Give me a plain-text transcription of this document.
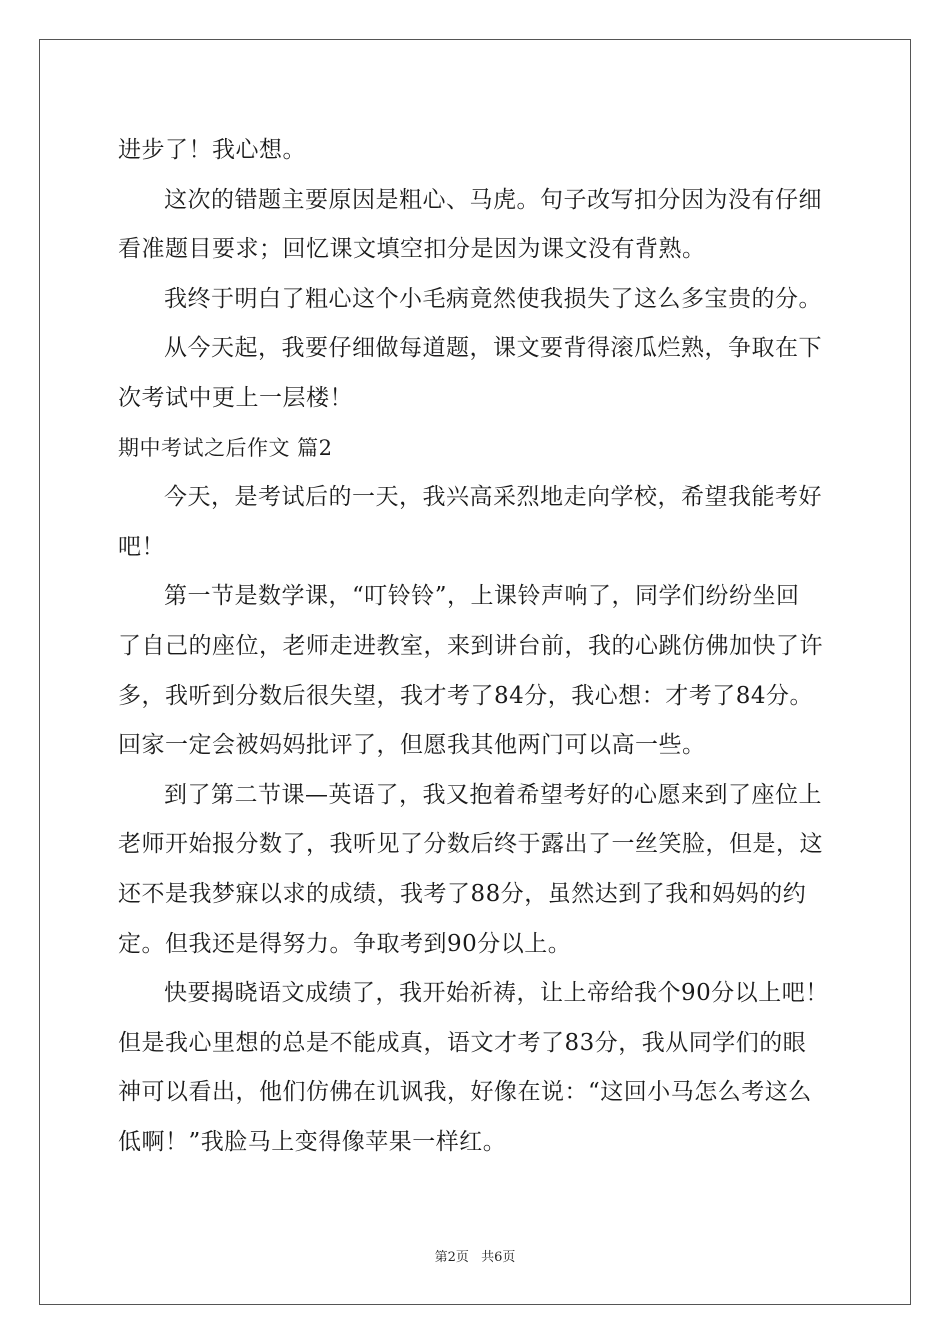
进步了！我心想。
这次的错题主要原因是粗心、马虎。句子改写扣分因为没有仔细
看准题目要求；回忆课文填空扣分是因为课文没有背熟。
我终于明白了粗心这个小毛病竟然使我损失了这么多宝贵的分。
从今天起，我要仔细做每道题，课文要背得滚瓜烂熟，争取在下
次考试中更上一层楼！
期中考试之后作文 篇2
今天，是考试后的一天，我兴高采烈地走向学校，希望我能考好
吧！
第一节是数学课，“叮铃铃”，上课铃声响了，同学们纷纷坐回
了自己的座位，老师走进教室，来到讲台前，我的心跳仿佛加快了许
多，我听到分数后很失望，我才考了84分，我心想：才考了84分。
回家一定会被妈妈批评了，但愿我其他两门可以高一些。
到了第二节课—英语了，我又抱着希望考好的心愿来到了座位上
老师开始报分数了，我听见了分数后终于露出了一丝笑脸，但是，这
还不是我梦寐以求的成绩，我考了88分，虽然达到了我和妈妈的约
定。但我还是得努力。争取考到90分以上。
快要揭晓语文成绩了，我开始祈祷，让上帝给我个90分以上吧！
但是我心里想的总是不能成真，语文才考了83分，我从同学们的眼
神可以看出，他们仿佛在讥讽我，好像在说：“这回小马怎么考这么
低啊！”我脸马上变得像苹果一样红。
第2页 共6页
